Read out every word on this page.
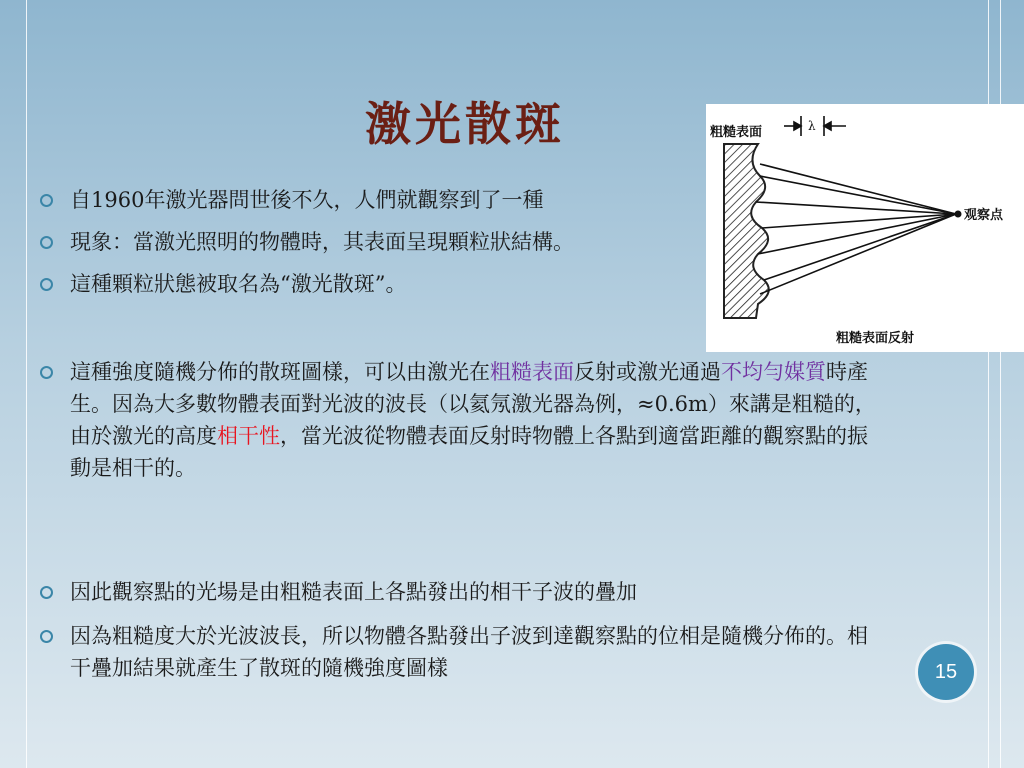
激光散斑
自1960年激光器問世後不久，人們就觀察到了一種
現象：當激光照明的物體時，其表面呈現顆粒狀結構。
這種顆粒狀態被取名為“激光散斑”。
這種強度隨機分佈的散斑圖樣，可以由激光在粗糙表面反射或激光通過不均勻媒質時產生。因為大多數物體表面對光波的波長（以氦氖激光器為例，≈0.6m）來講是粗糙的，由於激光的高度相干性，當光波從物體表面反射時物體上各點到適當距離的觀察點的振動是相干的。
因此觀察點的光場是由粗糙表面上各點發出的相干子波的疊加
因為粗糙度大於光波波長，所以物體各點發出子波到達觀察點的位相是隨機分佈的。相干疊加結果就產生了散斑的隨機強度圖樣
粗糙表面	λ
观察点
粗糙表面反射
15
